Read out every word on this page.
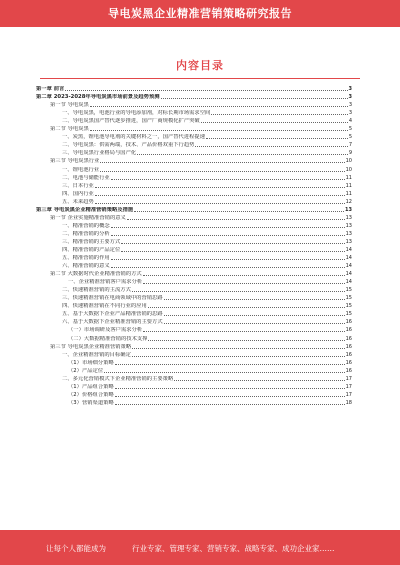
导电炭黑企业精准营销策略研究报告
内容目录
第一章 前言	3
第二章 2023-2028年导电炭黑市场前景及趋势预测	3
第一节 导电炭黑	3
一、导电炭黑，电池行业的导电添加剂，对标长期市场需求空间	3
二、导电炭黑国产替代逐步推进，国产厂商规模化扩产突破	4
第二节 导电炭黑	5
一、炭黑，锂电池导电剂的关键材料之一，国产替代进程提速	5
二、导电炭黑：供需两端，技术、产品价格双重下行趋势	7
三、导电炭黑行业格局与国产化	9
第三节 导电炭黑行业	10
一、锂电池行业	10
二、电池与储能行业	11
三、日本行业	11
四、国内行业	11
五、未来趋势	12
第三章 导电炭黑企业精准营销策略及措施	13
第一节 企业实施精准营销的意义	13
一、精准营销的概念	13
二、精准营销的分析	13
三、精准营销的主要方式	13
四、精准营销的产品定位	14
五、精准营销的作用	14
六、精准营销的意义	14
第二节 大数据时代企业精准营销的方式	14
一、企业精准营销客户需求分析	14
二、快速精准营销的主流方式	15
三、快速精准营销在电商领域中的营销思路	15
四、快速精准营销在不同行业的应用	15
五、基于大数据下企业产品精准营销的思路	15
六、基于大数据下企业精准营销的主要方式	16
（一）市场调研及客户需求分析	16
（二）大数据精准营销的技术支撑	16
第三节 导电炭黑企业精准营销策略	16
一、企业精准营销的目标确定	16
（1）市场细分策略	16
（2）产品定位	16
二、多元化营销模式下企业精准营销的主要策略	17
（1）产品组合策略	17
（2）价格组合策略	17
（3）营销渠道策略	18
让每个人都能成为	行业专家、管理专家、营销专家、战略专家、成功企业家……
